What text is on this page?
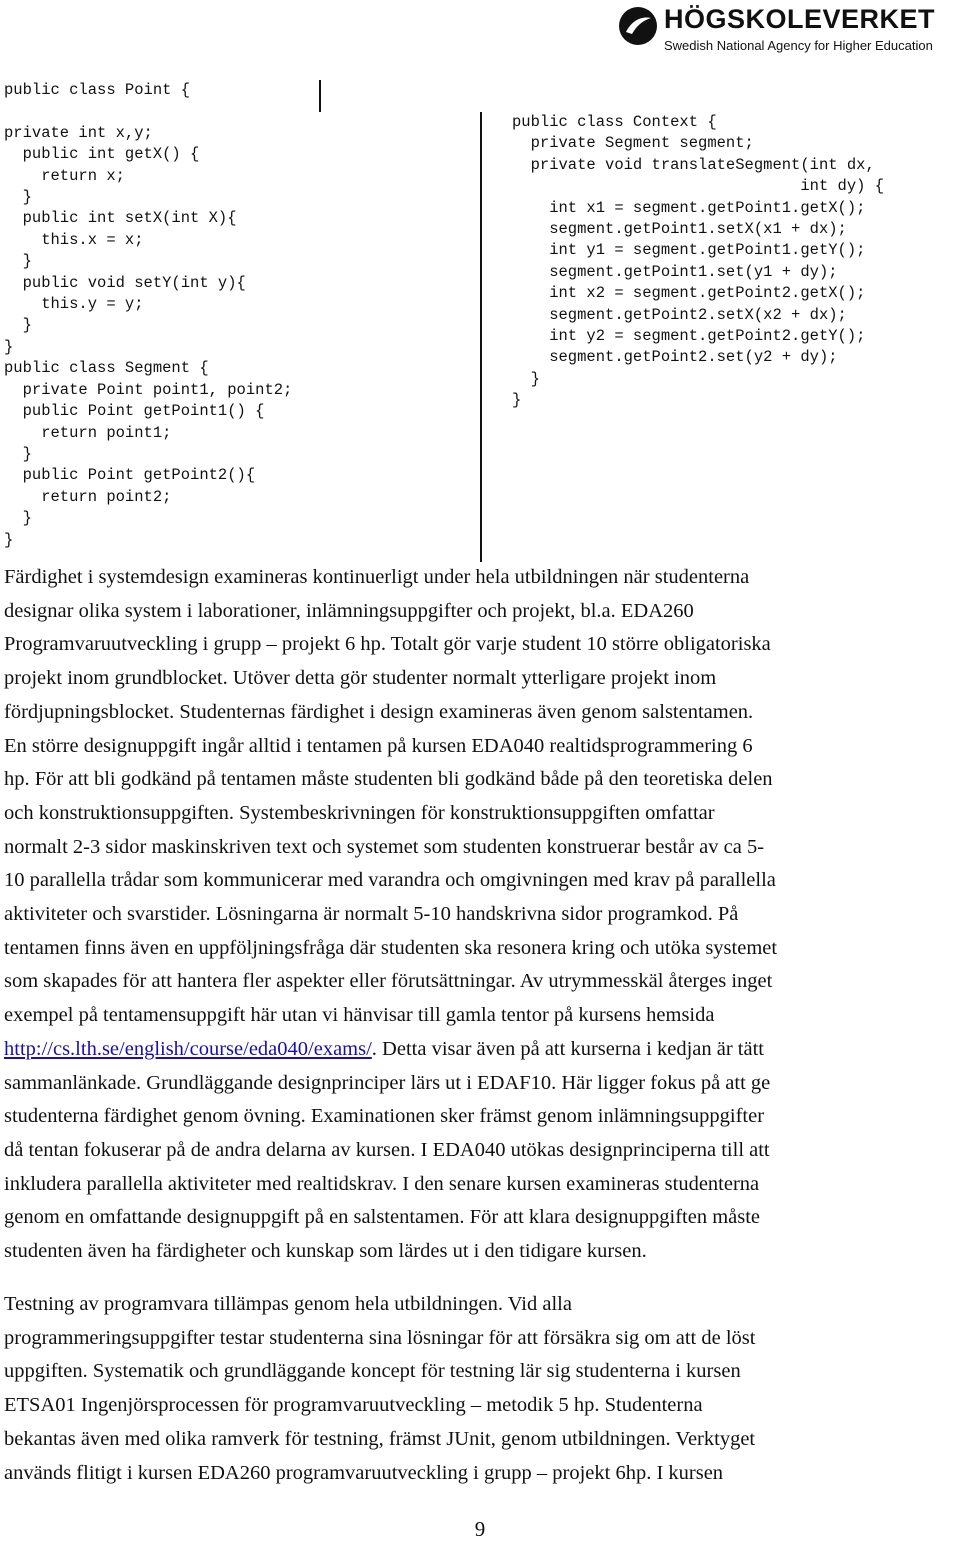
HÖGSKOLEVERKET
Swedish National Agency for Higher Education
public class Point {

private int x,y;
public int getX() {
return x;
}
public int setX(int X){
this.x = x;
}
public void setY(int y){
this.y = y;
}
}
public class Segment {
private Point point1, point2;
public Point getPoint1() {
return point1;
}
public Point getPoint2(){
return point2;
}
}
public class Context {
private Segment segment;
private void translateSegment(int dx,
int dy) {
int x1 = segment.getPoint1.getX();
segment.getPoint1.setX(x1 + dx);
int y1 = segment.getPoint1.getY();
segment.getPoint1.set(y1 + dy);
int x2 = segment.getPoint2.getX();
segment.getPoint2.setX(x2 + dx);
int y2 = segment.getPoint2.getY();
segment.getPoint2.set(y2 + dy);
}
}
Färdighet i systemdesign examineras kontinuerligt under hela utbildningen när studenterna
designar olika system i laborationer, inlämningsuppgifter och projekt, bl.a. EDA260
Programvaruutveckling i grupp – projekt 6 hp. Totalt gör varje student 10 större obligatoriska
projekt inom grundblocket. Utöver detta gör studenter normalt ytterligare projekt inom
fördjupningsblocket. Studenternas färdighet i design examineras även genom salstentamen.
En större designuppgift ingår alltid i tentamen på kursen EDA040 realtidsprogrammering 6
hp. För att bli godkänd på tentamen måste studenten bli godkänd både på den teoretiska delen
och konstruktionsuppgiften. Systembeskrivningen för konstruktionsuppgiften omfattar
normalt 2-3 sidor maskinskriven text och systemet som studenten konstruerar består av ca 5-
10 parallella trådar som kommunicerar med varandra och omgivningen med krav på parallella
aktiviteter och svarstider. Lösningarna är normalt 5-10 handskrivna sidor programkod. På
tentamen finns även en uppföljningsfråga där studenten ska resonera kring och utöka systemet
som skapades för att hantera fler aspekter eller förutsättningar. Av utrymmesskäl återges inget
exempel på tentamensuppgift här utan vi hänvisar till gamla tentor på kursens hemsida
http://cs.lth.se/english/course/eda040/exams/. Detta visar även på att kurserna i kedjan är tätt
sammanlänkade. Grundläggande designprinciper lärs ut i EDAF10. Här ligger fokus på att ge
studenterna färdighet genom övning. Examinationen sker främst genom inlämningsuppgifter
då tentan fokuserar på de andra delarna av kursen. I EDA040 utökas designprinciperna till att
inkludera parallella aktiviteter med realtidskrav. I den senare kursen examineras studenterna
genom en omfattande designuppgift på en salstentamen. För att klara designuppgiften måste
studenten även ha färdigheter och kunskap som lärdes ut i den tidigare kursen.
Testning av programvara tillämpas genom hela utbildningen. Vid alla
programmeringsuppgifter testar studenterna sina lösningar för att försäkra sig om att de löst
uppgiften. Systematik och grundläggande koncept för testning lär sig studenterna i kursen
ETSA01 Ingenjörsprocessen för programvaruutveckling – metodik 5 hp. Studenterna
bekantas även med olika ramverk för testning, främst JUnit, genom utbildningen. Verktyget
används flitigt i kursen EDA260 programvaruutveckling i grupp – projekt 6hp. I kursen
9
